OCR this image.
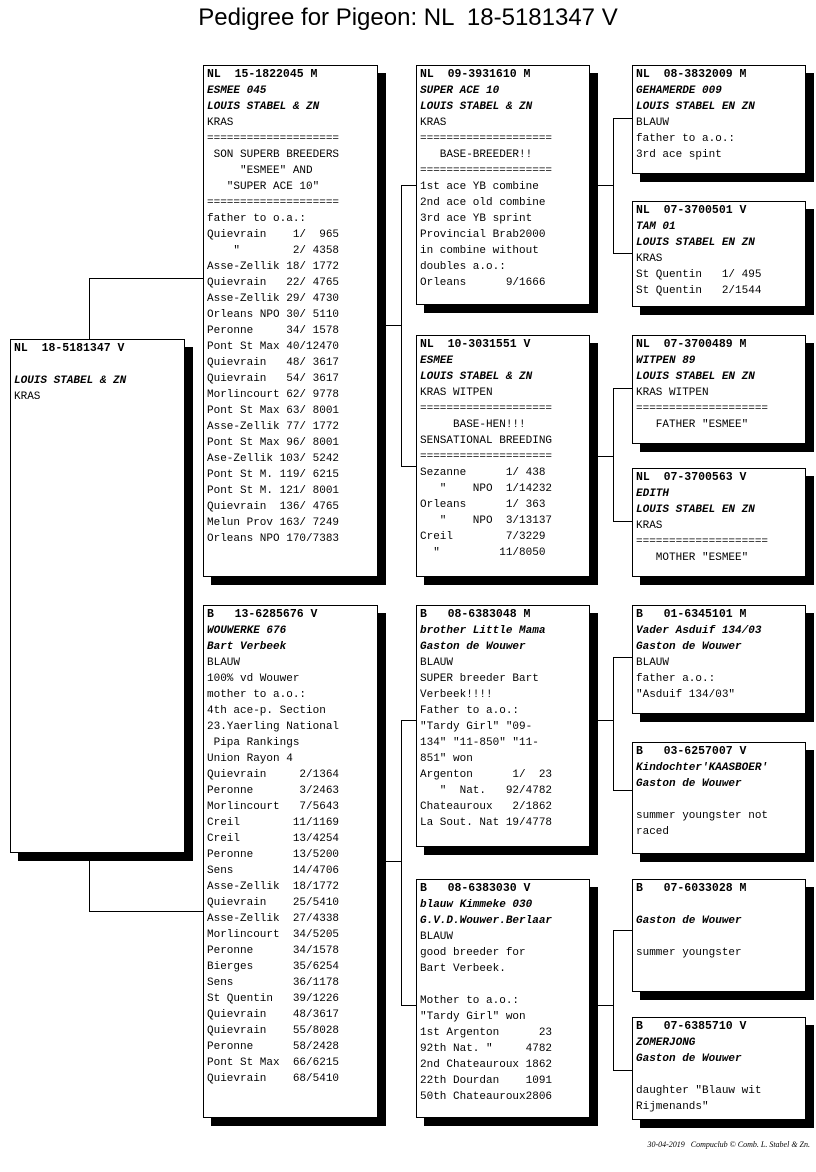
Pedigree for Pigeon: NL  18-5181347 V
NL  18-5181347 V
LOUIS STABEL & ZN
KRAS
NL  15-1822045 M
ESMEE 045
LOUIS STABEL & ZN
KRAS
====================
SON SUPERB BREEDERS
"ESMEE" AND
"SUPER ACE 10"
====================
father to o.a.:
Quievrain    1/  965
"        2/ 4358
Asse-Zellik 18/ 1772
Quievrain   22/ 4765
Asse-Zellik 29/ 4730
Orleans NPO 30/ 5110
Peronne     34/ 1578
Pont St Max 40/12470
Quievrain   48/ 3617
Quievrain   54/ 3617
Morlincourt 62/ 9778
Pont St Max 63/ 8001
Asse-Zellik 77/ 1772
Pont St Max 96/ 8001
Ase-Zellik 103/ 5242
Pont St M. 119/ 6215
Pont St M. 121/ 8001
Quievrain  136/ 4765
Melun Prov 163/ 7249
Orleans NPO 170/7383
B   13-6285676 V
WOUWERKE 676
Bart Verbeek
BLAUW
100% vd Wouwer
mother to a.o.:
4th ace-p. Section
23.Yaerling National
Pipa Rankings
Union Rayon 4
Quievrain     2/1364
Peronne       3/2463
Morlincourt   7/5643
Creil        11/1169
Creil        13/4254
Peronne      13/5200
Sens         14/4706
Asse-Zellik  18/1772
Quievrain    25/5410
Asse-Zellik  27/4338
Morlincourt  34/5205
Peronne      34/1578
Bierges      35/6254
Sens         36/1178
St Quentin   39/1226
Quievrain    48/3617
Quievrain    55/8028
Peronne      58/2428
Pont St Max  66/6215
Quievrain    68/5410
NL  09-3931610 M
SUPER ACE 10
LOUIS STABEL & ZN
KRAS
====================
BASE-BREEDER!!
====================
1st ace YB combine
2nd ace old combine
3rd ace YB sprint
Provincial Brab2000
in combine without
doubles a.o.:
Orleans      9/1666
NL  10-3031551 V
ESMEE
LOUIS STABEL & ZN
KRAS WITPEN
====================
BASE-HEN!!!
SENSATIONAL BREEDING
====================
Sezanne      1/ 438
"    NPO  1/14232
Orleans      1/ 363
"    NPO  3/13137
Creil        7/3229
"         11/8050
B   08-6383048 M
brother Little Mama
Gaston de Wouwer
BLAUW
SUPER breeder Bart
Verbeek!!!!
Father to a.o.:
"Tardy Girl" "09-
134" "11-850" "11-
851" won
Argenton      1/  23
"  Nat.   92/4782
Chateauroux   2/1862
La Sout. Nat 19/4778
B   08-6383030 V
blauw Kimmeke 030
G.V.D.Wouwer.Berlaar
BLAUW
good breeder for
Bart Verbeek.
Mother to a.o.:
"Tardy Girl" won
1st Argenton      23
92th Nat. "     4782
2nd Chateauroux 1862
22th Dourdan    1091
50th Chateauroux2806
NL  08-3832009 M
GEHAMERDE 009
LOUIS STABEL EN ZN
BLAUW
father to a.o.:
3rd ace spint
NL  07-3700501 V
TAM 01
LOUIS STABEL EN ZN
KRAS
St Quentin   1/ 495
St Quentin   2/1544
NL  07-3700489 M
WITPEN 89
LOUIS STABEL EN ZN
KRAS WITPEN
====================
FATHER "ESMEE"
NL  07-3700563 V
EDITH
LOUIS STABEL EN ZN
KRAS
====================
MOTHER "ESMEE"
B   01-6345101 M
Vader Asduif 134/03
Gaston de Wouwer
BLAUW
father a.o.:
"Asduif 134/03"
B   03-6257007 V
Kindochter'KAASBOER'
Gaston de Wouwer
summer youngster not
raced
B   07-6033028 M
Gaston de Wouwer
summer youngster
B   07-6385710 V
ZOMERJONG
Gaston de Wouwer
daughter "Blauw wit
Rijmenands"
30-04-2019 Compuclub © Comb. L. Stabel & Zn.
